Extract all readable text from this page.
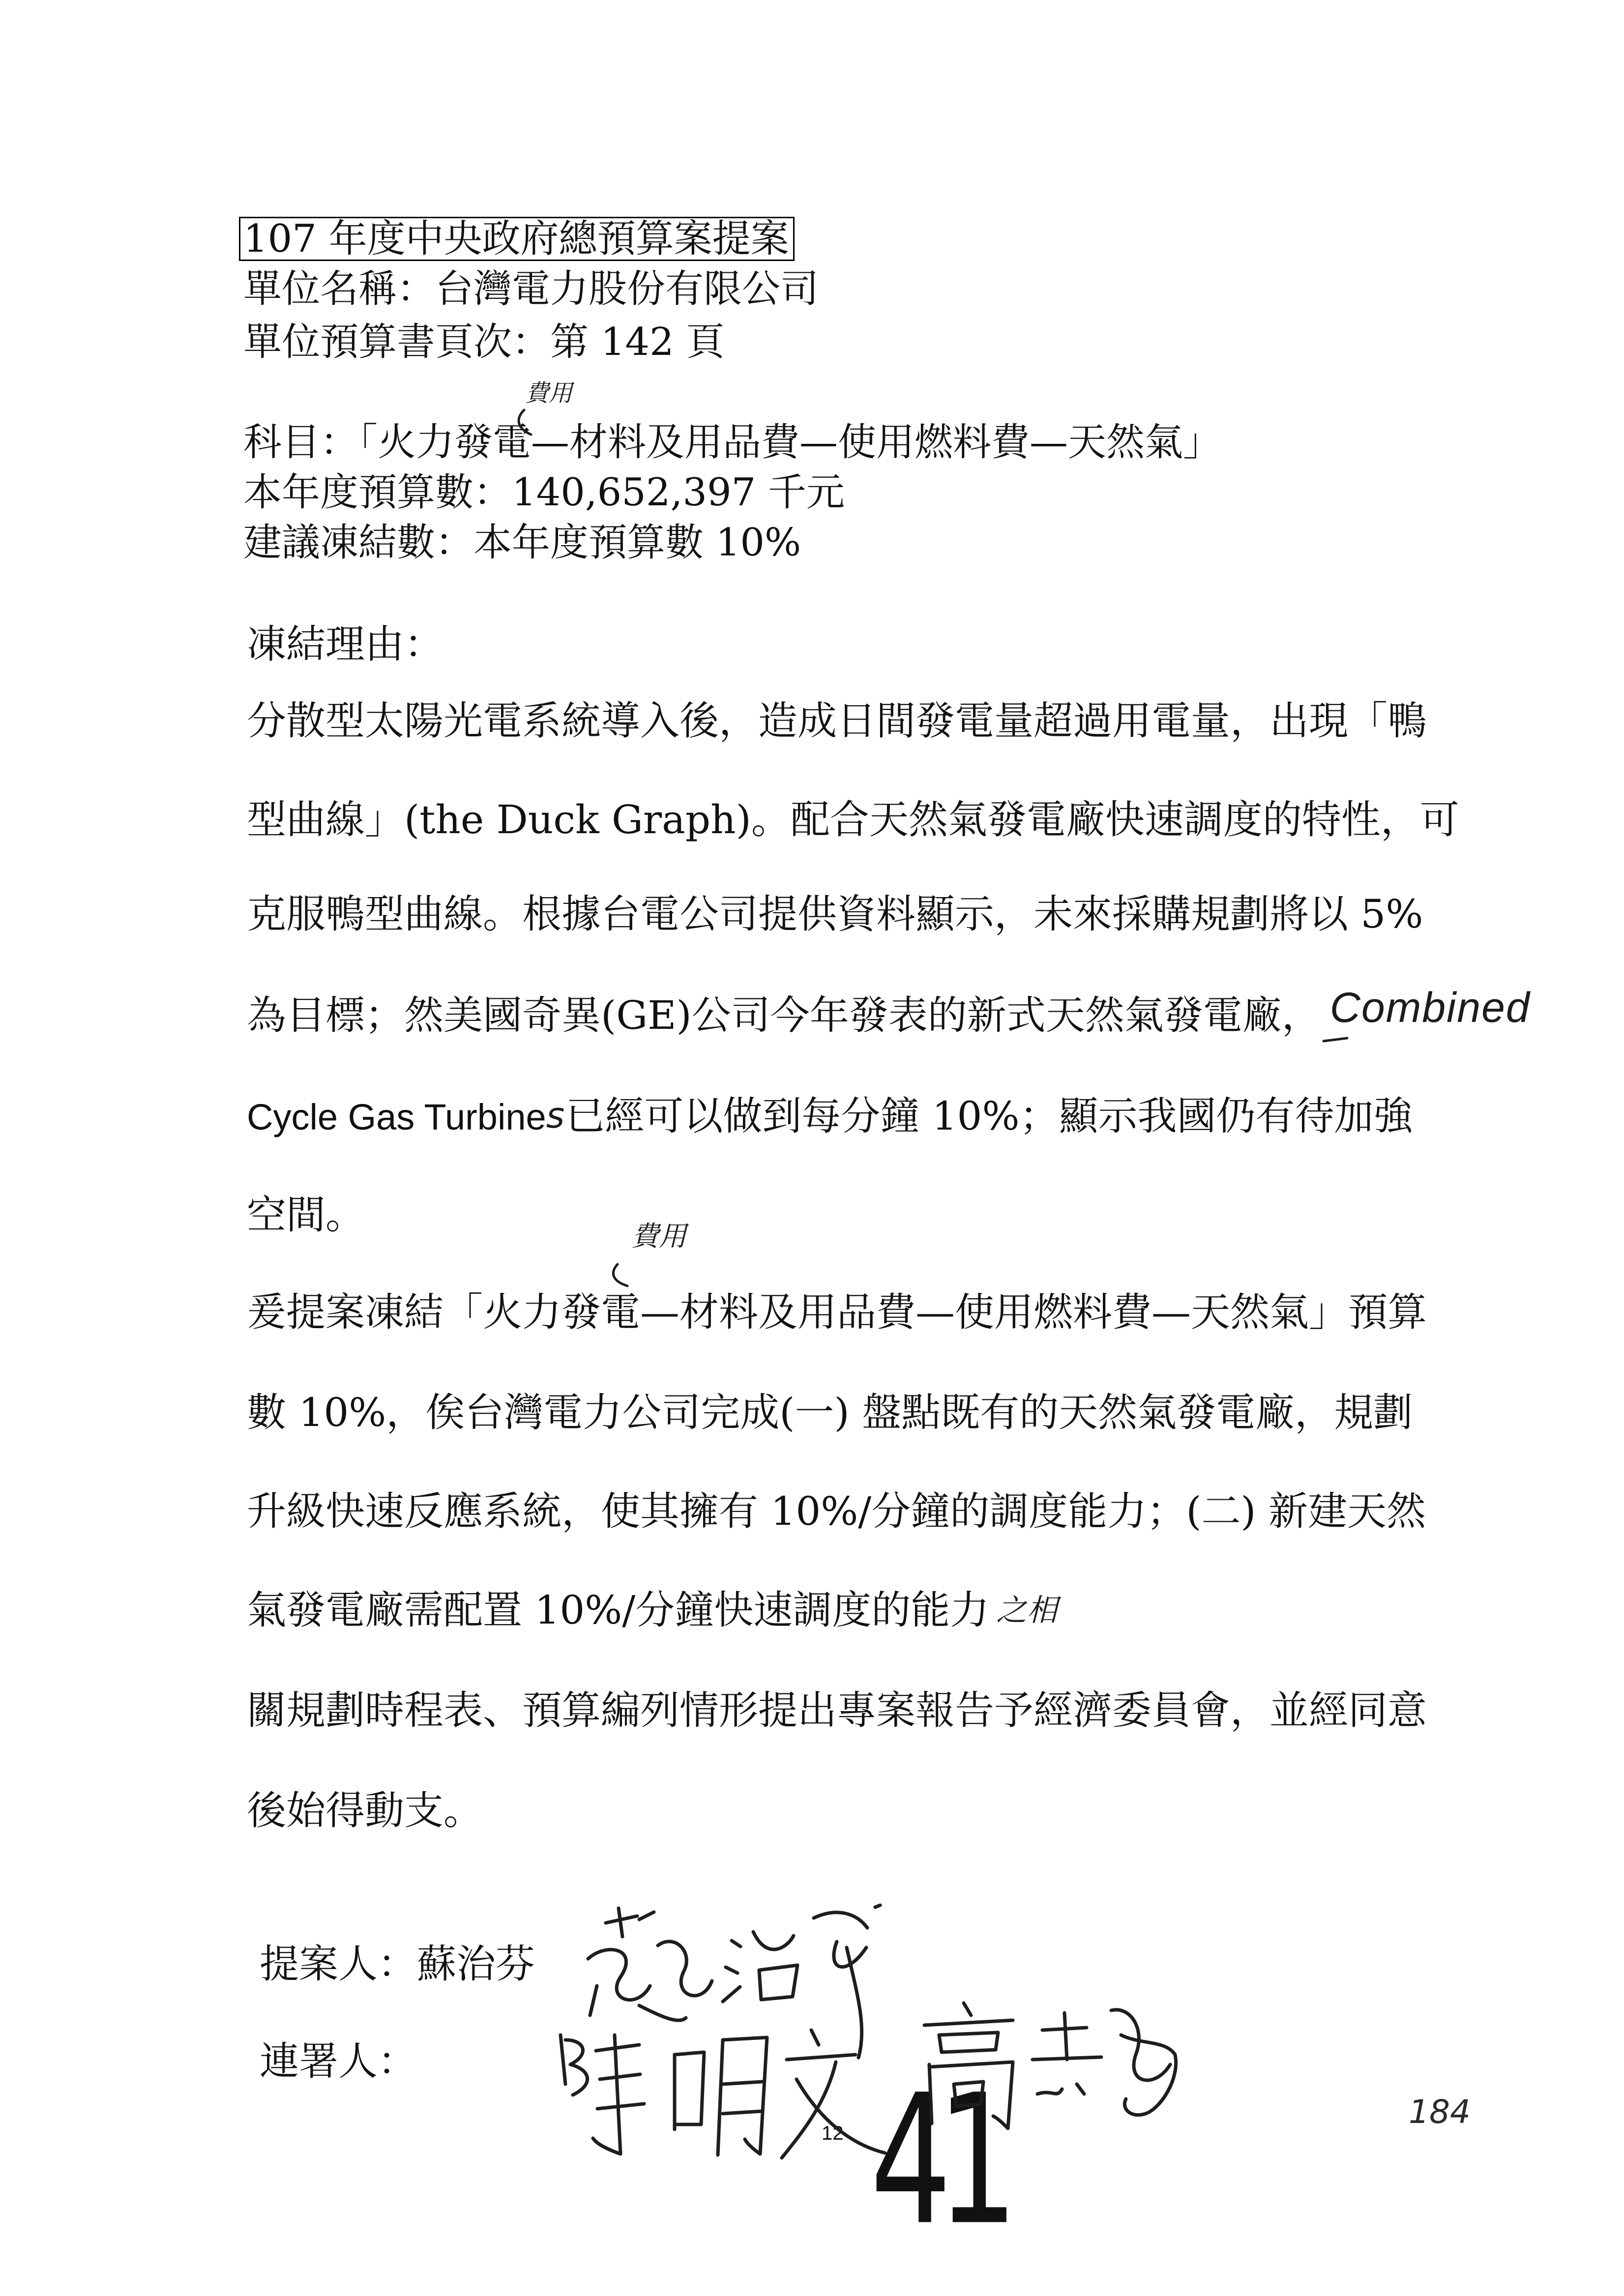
107 年度中央政府總預算案提案
單位名稱：台灣電力股份有限公司
單位預算書頁次：第 142 頁
費用
科目：「火力發電—材料及用品費—使用燃料費—天然氣」
本年度預算數：140,652,397 千元
建議凍結數：本年度預算數 10%
凍結理由：
分散型太陽光電系統導入後，造成日間發電量超過用電量，出現「鴨
型曲線」(the Duck Graph)。配合天然氣發電廠快速調度的特性，可
克服鴨型曲線。根據台電公司提供資料顯示，未來採購規劃將以 5%
為目標；然美國奇異(GE)公司今年發表的新式天然氣發電廠， Combined
Cycle Gas Turbines已經可以做到每分鐘 10%；顯示我國仍有待加強
空間。	費用
爰提案凍結「火力發電—材料及用品費—使用燃料費—天然氣」預算
數 10%，俟台灣電力公司完成(一) 盤點既有的天然氣發電廠，規劃
升級快速反應系統，使其擁有 10%/分鐘的調度能力；(二) 新建天然
氣發電廠需配置 10%/分鐘快速調度的能力 之相
關規劃時程表、預算編列情形提出專案報告予經濟委員會，並經同意
後始得動支。
提案人：蘇治芬
連署人：
12 41	184
